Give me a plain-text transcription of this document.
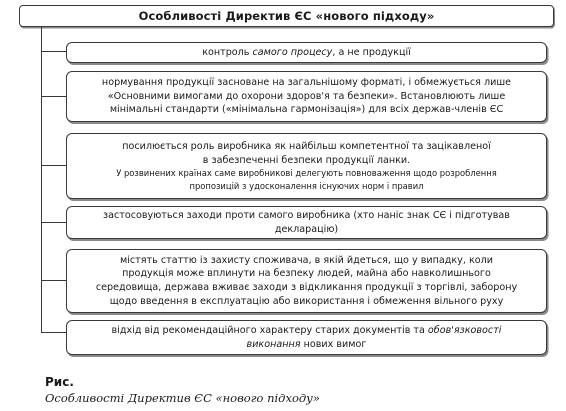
Особливості Директив ЄС «нового підходу»
контроль самого процесу, а не продукції
нормування продукції засноване на загальнішому форматі, і обмежується лише
«Основними вимогами до охорони здоров'я та безпеки». Встановлюють лише
мінімальні стандарти («мінімальна гармонізація») для всіх держав-членів ЄС
посилюється роль виробника як найбільш компетентної та зацікавленої
в забезпеченні безпеки продукції ланки.
У розвинених країнах саме виробникові делегують повноваження щодо розроблення
пропозицій з удосконалення існуючих норм і правил
застосовуються заходи проти самого виробника (хто наніс знак СЄ і підготував
декларацію)
містять статтю із захисту споживача, в якій йдеться, що у випадку, коли
продукція може вплинути на безпеку людей, майна або навколишнього
середовища, держава вживає заходи з відкликання продукції з торгівлі, заборону
щодо введення в експлуатацію або використання і обмеження вільного руху
відхід від рекомендаційного характеру старих документів та обов'язковості
виконання нових вимог
Рис.
Особливості Директив ЄС «нового підходу»
